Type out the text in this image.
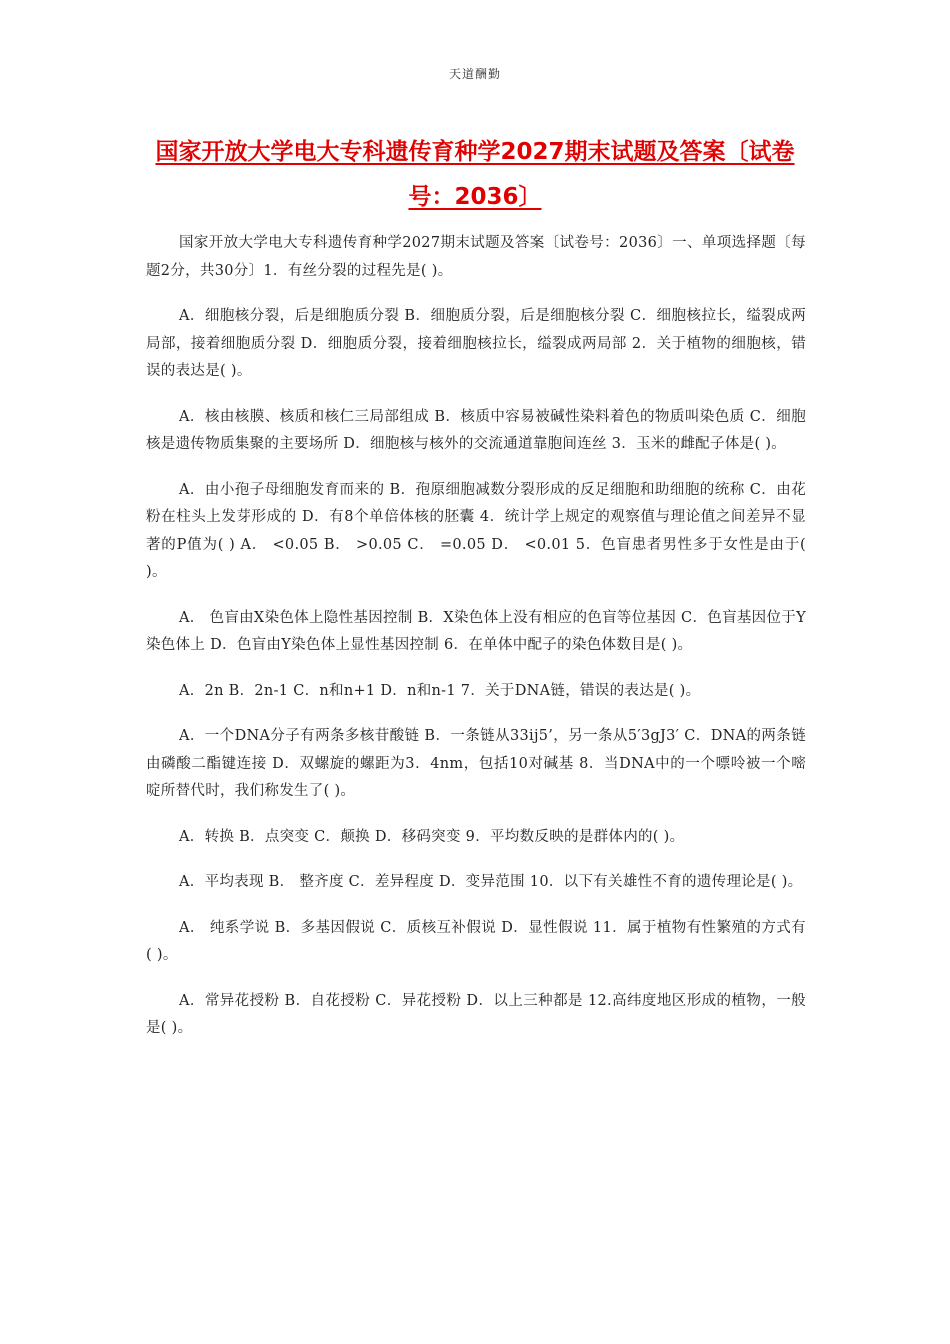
天道酬勤
国家开放大学电大专科遗传育种学2027期末试题及答案〔试卷号：2036〕

国家开放大学电大专科遗传育种学2027期末试题及答案〔试卷号：2036〕一、单项选择题〔每题2分，共30分〕1．有丝分裂的过程先是( )。

A．细胞核分裂，后是细胞质分裂 B．细胞质分裂，后是细胞核分裂 C．细胞核拉长，缢裂成两局部，接着细胞质分裂 D．细胞质分裂，接着细胞核拉长，缢裂成两局部 2．关于植物的细胞核，错误的表达是( )。

A．核由核膜、核质和核仁三局部组成 B．核质中容易被碱性染料着色的物质叫染色质 C．细胞核是遗传物质集聚的主要场所 D．细胞核与核外的交流通道靠胞间连丝 3．玉米的雌配子体是( )。

A．由小孢子母细胞发育而来的 B．孢原细胞减数分裂形成的反足细胞和助细胞的统称 C．由花粉在柱头上发芽形成的 D．有8个单倍体核的胚囊 4．统计学上规定的观察值与理论值之间差异不显著的P值为( ) A． <0.05 B． >0.05 C． =0.05 D． <0.01 5．色盲患者男性多于女性是由于( )。

A． 色盲由X染色体上隐性基因控制 B．X染色体上没有相应的色盲等位基因 C．色盲基因位于Y染色体上 D．色盲由Y染色体上显性基因控制 6．在单体中配子的染色体数目是( )。

A．2n B．2n-1 C．n和n+1 D．n和n-1 7．关于DNA链，错误的表达是( )。

A．一个DNA分子有两条多核苷酸链 B．一条链从33ij5’，另一条从5′3gJ3′ C．DNA的两条链由磷酸二酯键连接 D．双螺旋的螺距为3．4nm，包括10对碱基 8．当DNA中的一个嘌呤被一个嘧啶所替代时，我们称发生了( )。

A．转换 B．点突变 C．颠换 D．移码突变 9．平均数反映的是群体内的( )。

A．平均表现 B． 整齐度 C．差异程度 D．变异范围 10．以下有关雄性不育的遗传理论是( )。

A． 纯系学说 B．多基因假说 C．质核互补假说 D．显性假说 11．属于植物有性繁殖的方式有( )。

A．常异花授粉 B．自花授粉 C．异花授粉 D．以上三种都是 12.高纬度地区形成的植物，一般是( )。
